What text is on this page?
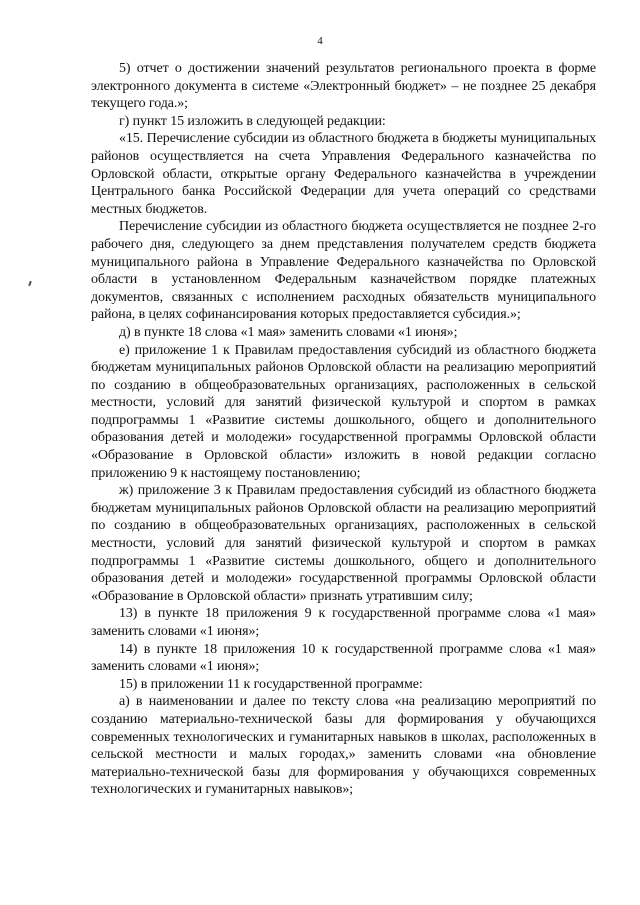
4

5) отчет о достижении значений результатов регионального проекта в форме электронного документа в системе «Электронный бюджет» – не позднее 25 декабря текущего года.»;

г) пункт 15 изложить в следующей редакции:

«15. Перечисление субсидии из областного бюджета в бюджеты муниципальных районов осуществляется на счета Управления Федерального казначейства по Орловской области, открытые органу Федерального казначейства в учреждении Центрального банка Российской Федерации для учета операций со средствами местных бюджетов.

Перечисление субсидии из областного бюджета осуществляется не позднее 2-го рабочего дня, следующего за днем представления получателем средств бюджета муниципального района в Управление Федерального казначейства по Орловской области в установленном Федеральным казначейством порядке платежных документов, связанных с исполнением расходных обязательств муниципального района, в целях софинансирования которых предоставляется субсидия.»;

д) в пункте 18 слова «1 мая» заменить словами «1 июня»;

е) приложение 1 к Правилам предоставления субсидий из областного бюджета бюджетам муниципальных районов Орловской области на реализацию мероприятий по созданию в общеобразовательных организациях, расположенных в сельской местности, условий для занятий физической культурой и спортом в рамках подпрограммы 1 «Развитие системы дошкольного, общего и дополнительного образования детей и молодежи» государственной программы Орловской области «Образование в Орловской области» изложить в новой редакции согласно приложению 9 к настоящему постановлению;

ж) приложение 3 к Правилам предоставления субсидий из областного бюджета бюджетам муниципальных районов Орловской области на реализацию мероприятий по созданию в общеобразовательных организациях, расположенных в сельской местности, условий для занятий физической культурой и спортом в рамках подпрограммы 1 «Развитие системы дошкольного, общего и дополнительного образования детей и молодежи» государственной программы Орловской области «Образование в Орловской области» признать утратившим силу;

13) в пункте 18 приложения 9 к государственной программе слова «1 мая» заменить словами «1 июня»;

14) в пункте 18 приложения 10 к государственной программе слова «1 мая» заменить словами «1 июня»;

15) в приложении 11 к государственной программе:

а) в наименовании и далее по тексту слова «на реализацию мероприятий по созданию материально-технической базы для формирования у обучающихся современных технологических и гуманитарных навыков в школах, расположенных в сельской местности и малых городах,» заменить словами «на обновление материально-технической базы для формирования у обучающихся современных технологических и гуманитарных навыков»;
